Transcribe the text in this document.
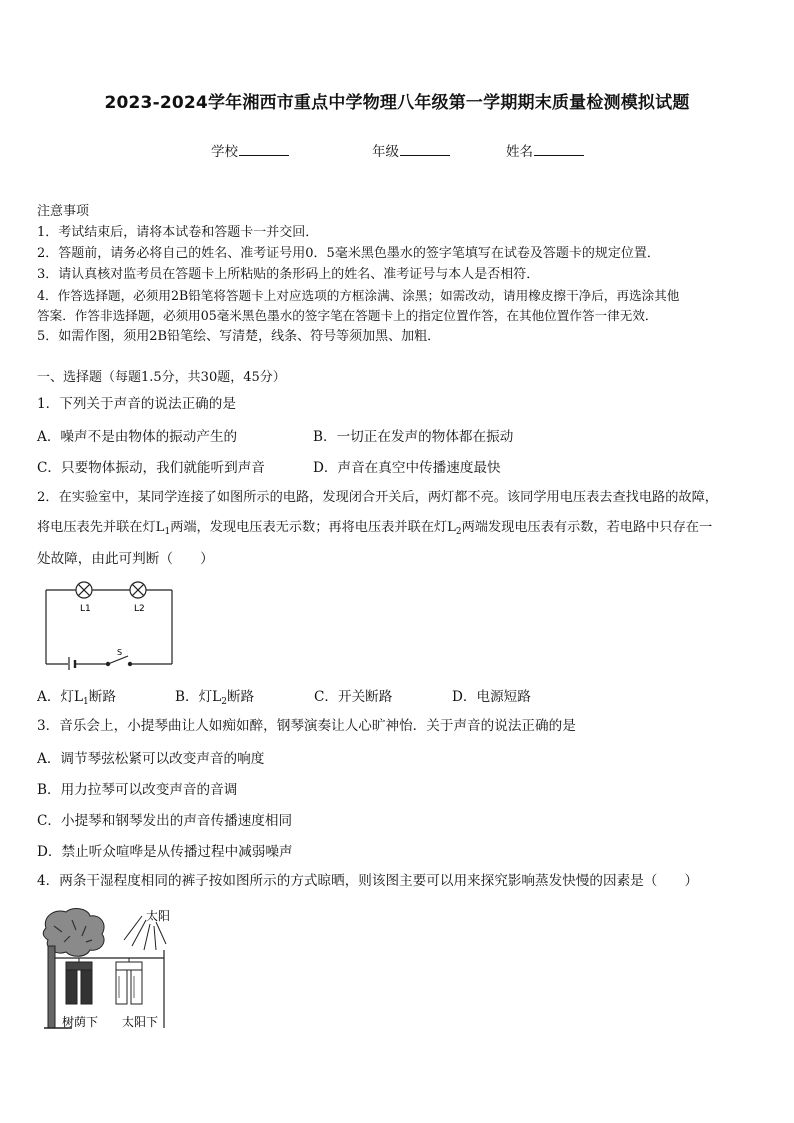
2023-2024学年湘西市重点中学物理八年级第一学期期末质量检测模拟试题
学校	年级	姓名
注意事项
1．考试结束后，请将本试卷和答题卡一并交回．
2．答题前，请务必将自己的姓名、准考证号用0．5毫米黑色墨水的签字笔填写在试卷及答题卡的规定位置．
3．请认真核对监考员在答题卡上所粘贴的条形码上的姓名、准考证号与本人是否相符．
4．作答选择题，必须用2B铅笔将答题卡上对应选项的方框涂满、涂黑；如需改动，请用橡皮擦干净后，再选涂其他
答案．作答非选择题，必须用05毫米黑色墨水的签字笔在答题卡上的指定位置作答，在其他位置作答一律无效．
5．如需作图，须用2B铅笔绘、写清楚，线条、符号等须加黑、加粗．
一、选择题（每题1.5分，共30题，45分）
1．下列关于声音的说法正确的是
A．噪声不是由物体的振动产生的	B．一切正在发声的物体都在振动
C．只要物体振动，我们就能听到声音	D．声音在真空中传播速度最快
2．在实验室中，某同学连接了如图所示的电路，发现闭合开关后，两灯都不亮。该同学用电压表去查找电路的故障，
将电压表先并联在灯$L_1$两端，发现电压表无示数；再将电压表并联在灯$L_2$两端发现电压表有示数，若电路中只存在一
处故障，由此可判断（　　）
L1	L2
S
A．灯$L_1$断路	B．灯$L_2$断路	C．开关断路	D．电源短路
3．音乐会上，小提琴曲让人如痴如醉，钢琴演奏让人心旷神怡．关于声音的说法正确的是
A．调节琴弦松紧可以改变声音的响度
B．用力拉琴可以改变声音的音调
C．小提琴和钢琴发出的声音传播速度相同
D．禁止听众喧哗是从传播过程中减弱噪声
4．两条干湿程度相同的裤子按如图所示的方式晾晒，则该图主要可以用来探究影响蒸发快慢的因素是（　　）
太阳
树荫下 太阳下
